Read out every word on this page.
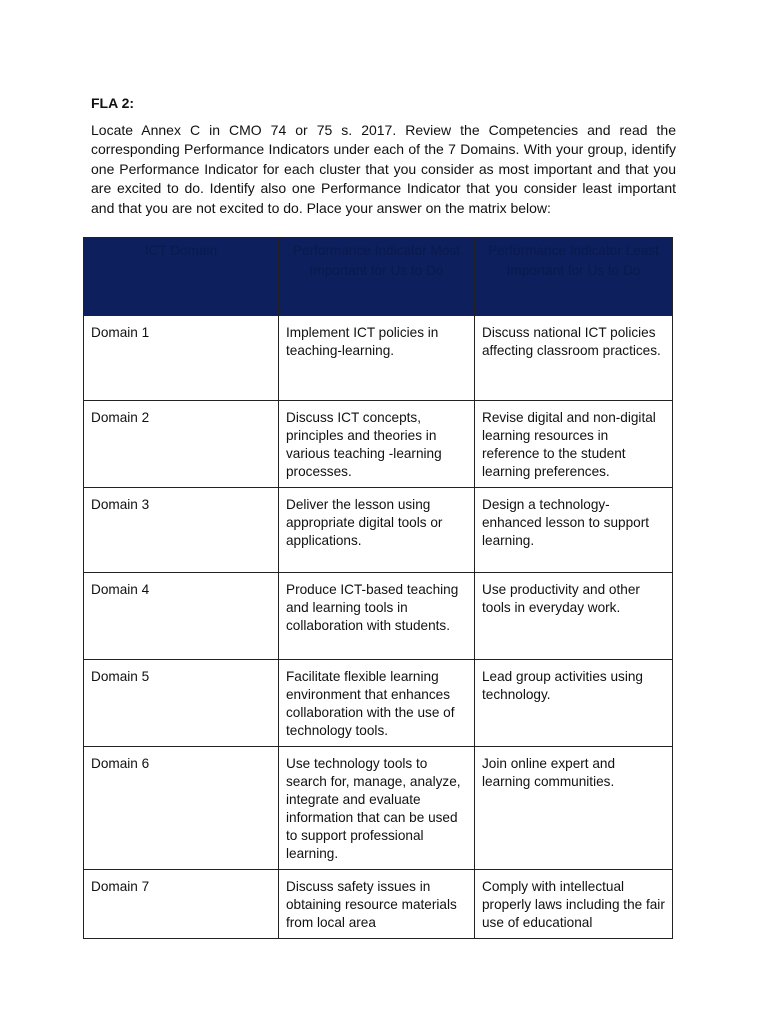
FLA 2:
Locate Annex C in CMO 74 or 75 s. 2017. Review the Competencies and read the corresponding Performance Indicators under each of the 7 Domains. With your group, identify one Performance Indicator for each cluster that you consider as most important and that you are excited to do. Identify also one Performance Indicator that you consider least important and that you are not excited to do. Place your answer on the matrix below:
ICT Domain	Performance Indicator Most Important for Us to Do	Performance Indicator Least Important for Us to Do
Domain 1	Implement ICT policies in teaching-learning.	Discuss national ICT policies affecting classroom practices.
Domain 2	Discuss ICT concepts, principles and theories in various teaching -learning processes.	Revise digital and non-digital learning resources in reference to the student learning preferences.
Domain 3	Deliver the lesson using appropriate digital tools or applications.	Design a technology-enhanced lesson to support learning.
Domain 4	Produce ICT-based teaching and learning tools in collaboration with students.	Use productivity and other tools in everyday work.
Domain 5	Facilitate flexible learning environment that enhances collaboration with the use of technology tools.	Lead group activities using technology.
Domain 6	Use technology tools to search for, manage, analyze, integrate and evaluate information that can be used to support professional learning.	Join online expert and learning communities.
Domain 7	Discuss safety issues in obtaining resource materials from local area	Comply with intellectual properly laws including the fair use of educational
